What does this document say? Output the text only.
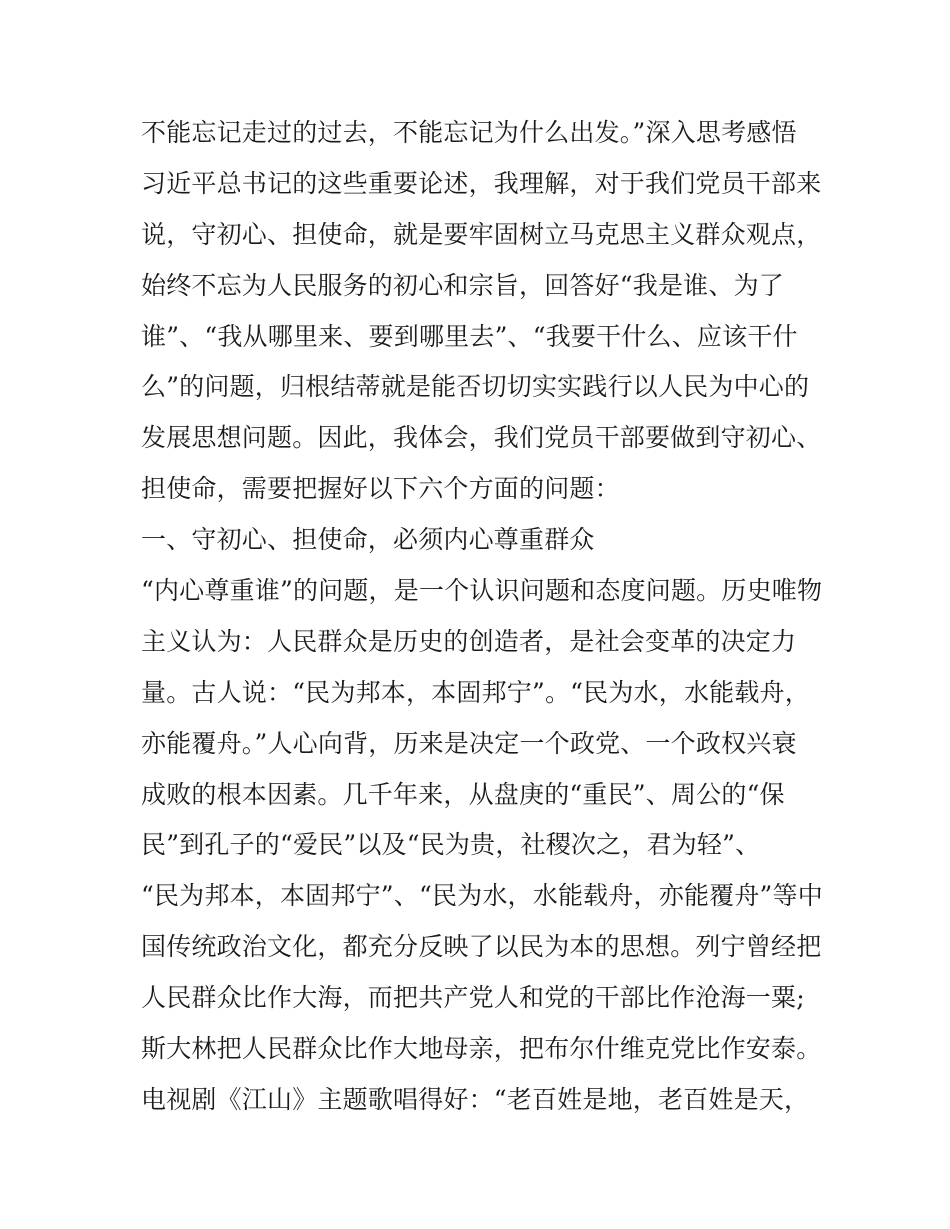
不能忘记走过的过去，不能忘记为什么出发。”深入思考感悟
习近平总书记的这些重要论述，我理解，对于我们党员干部来
说，守初心、担使命，就是要牢固树立马克思主义群众观点，
始终不忘为人民服务的初心和宗旨，回答好“我是谁、为了
谁”、“我从哪里来、要到哪里去”、“我要干什么、应该干什
么”的问题，归根结蒂就是能否切切实实践行以人民为中心的
发展思想问题。因此，我体会，我们党员干部要做到守初心、
担使命，需要把握好以下六个方面的问题：
一、守初心、担使命，必须内心尊重群众
“内心尊重谁”的问题，是一个认识问题和态度问题。历史唯物
主义认为：人民群众是历史的创造者，是社会变革的决定力
量。古人说：“民为邦本，本固邦宁”。“民为水，水能载舟，
亦能覆舟。”人心向背，历来是决定一个政党、一个政权兴衰
成败的根本因素。几千年来，从盘庚的“重民”、周公的“保
民”到孔子的“爱民”以及“民为贵，社稷次之，君为轻”、
“民为邦本，本固邦宁”、“民为水，水能载舟，亦能覆舟”等中
国传统政治文化，都充分反映了以民为本的思想。列宁曾经把
人民群众比作大海，而把共产党人和党的干部比作沧海一粟;
斯大林把人民群众比作大地母亲，把布尔什维克党比作安泰。
电视剧《江山》主题歌唱得好：“老百姓是地，老百姓是天，
